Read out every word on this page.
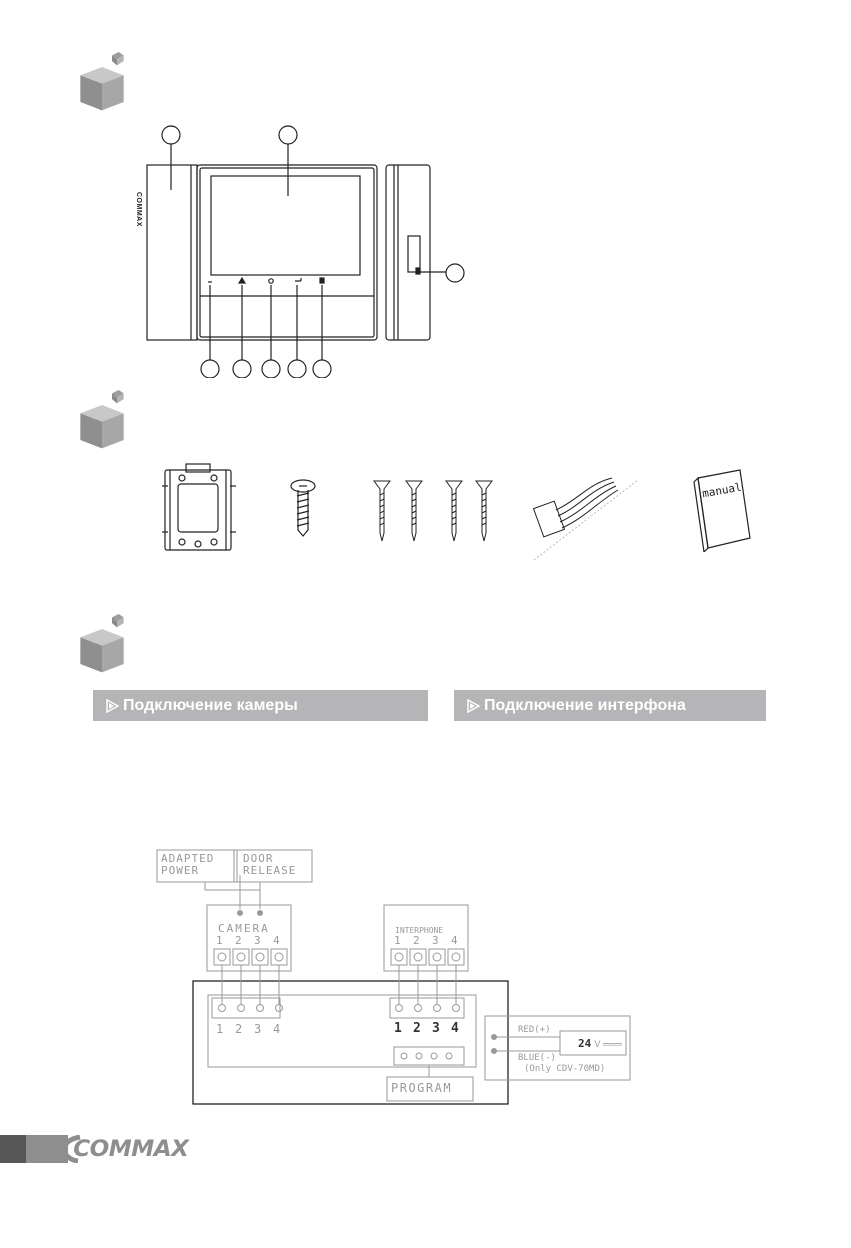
COMMAX
manual
Подключение камеры	Подключение интерфона
ADAPTED
POWER
DOOR
RELEASE
CAMERA
1 2 3 4
INTERPHONE
1 2 3 4
1 2 3 4	1 2 3 4
PROGRAM
RED(+)
BLUE(-)
(Only CDV-70MD)
24 V ═══
COMMAX
